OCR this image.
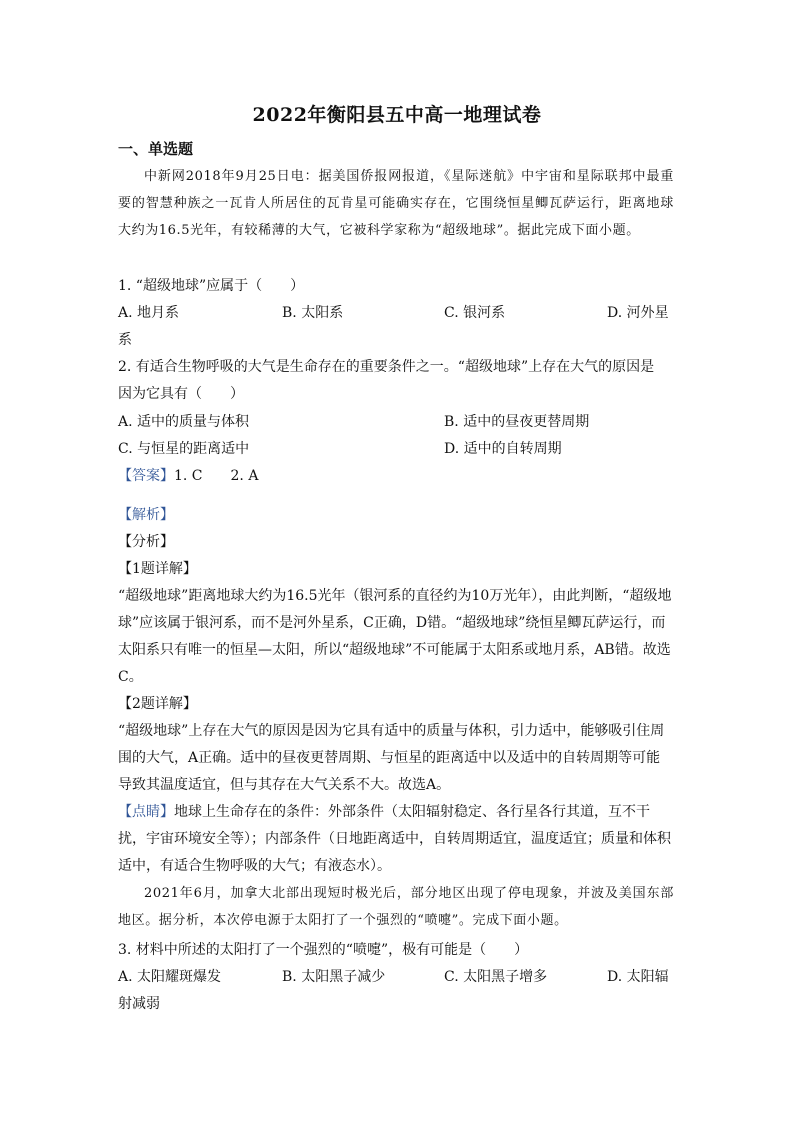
2022年衡阳县五中高一地理试卷
一、单选题
中新网2018年9月25日电：据美国侨报网报道，《星际迷航》中宇宙和星际联邦中最重要的智慧种族之一瓦肯人所居住的瓦肯星可能确实存在，它围绕恒星鲫瓦萨运行，距离地球大约为16.5光年，有较稀薄的大气，它被科学家称为“超级地球”。据此完成下面小题。
1. “超级地球”应属于（　　）
A. 地月系	B. 太阳系	C. 银河系	D. 河外星
系
2. 有适合生物呼吸的大气是生命存在的重要条件之一。“超级地球”上存在大气的原因是
因为它具有（　　）
A. 适中的质量与体积	B. 适中的昼夜更替周期
C. 与恒星的距离适中	D. 适中的自转周期
【答案】1. C　　2. A
【解析】
【分析】
【1题详解】
“超级地球”距离地球大约为16.5光年（银河系的直径约为10万光年），由此判断，“超级地球”应该属于银河系，而不是河外星系，C正确，D错。“超级地球”绕恒星鲫瓦萨运行，而太阳系只有唯一的恒星—太阳，所以“超级地球”不可能属于太阳系或地月系，AB错。故选C。
【2题详解】
“超级地球”上存在大气的原因是因为它具有适中的质量与体积，引力适中，能够吸引住周围的大气，A正确。适中的昼夜更替周期、与恒星的距离适中以及适中的自转周期等可能导致其温度适宜，但与其存在大气关系不大。故选A。
【点睛】地球上生命存在的条件：外部条件（太阳辐射稳定、各行星各行其道，互不干扰，宇宙环境安全等）；内部条件（日地距离适中，自转周期适宜，温度适宜；质量和体积适中，有适合生物呼吸的大气；有液态水）。
2021年6月，加拿大北部出现短时极光后，部分地区出现了停电现象，并波及美国东部地区。据分析，本次停电源于太阳打了一个强烈的“喷嚏”。完成下面小题。
3. 材料中所述的太阳打了一个强烈的“喷嚏”，极有可能是（　　）
A. 太阳耀斑爆发	B. 太阳黑子减少	C. 太阳黑子增多	D. 太阳辐
射减弱
